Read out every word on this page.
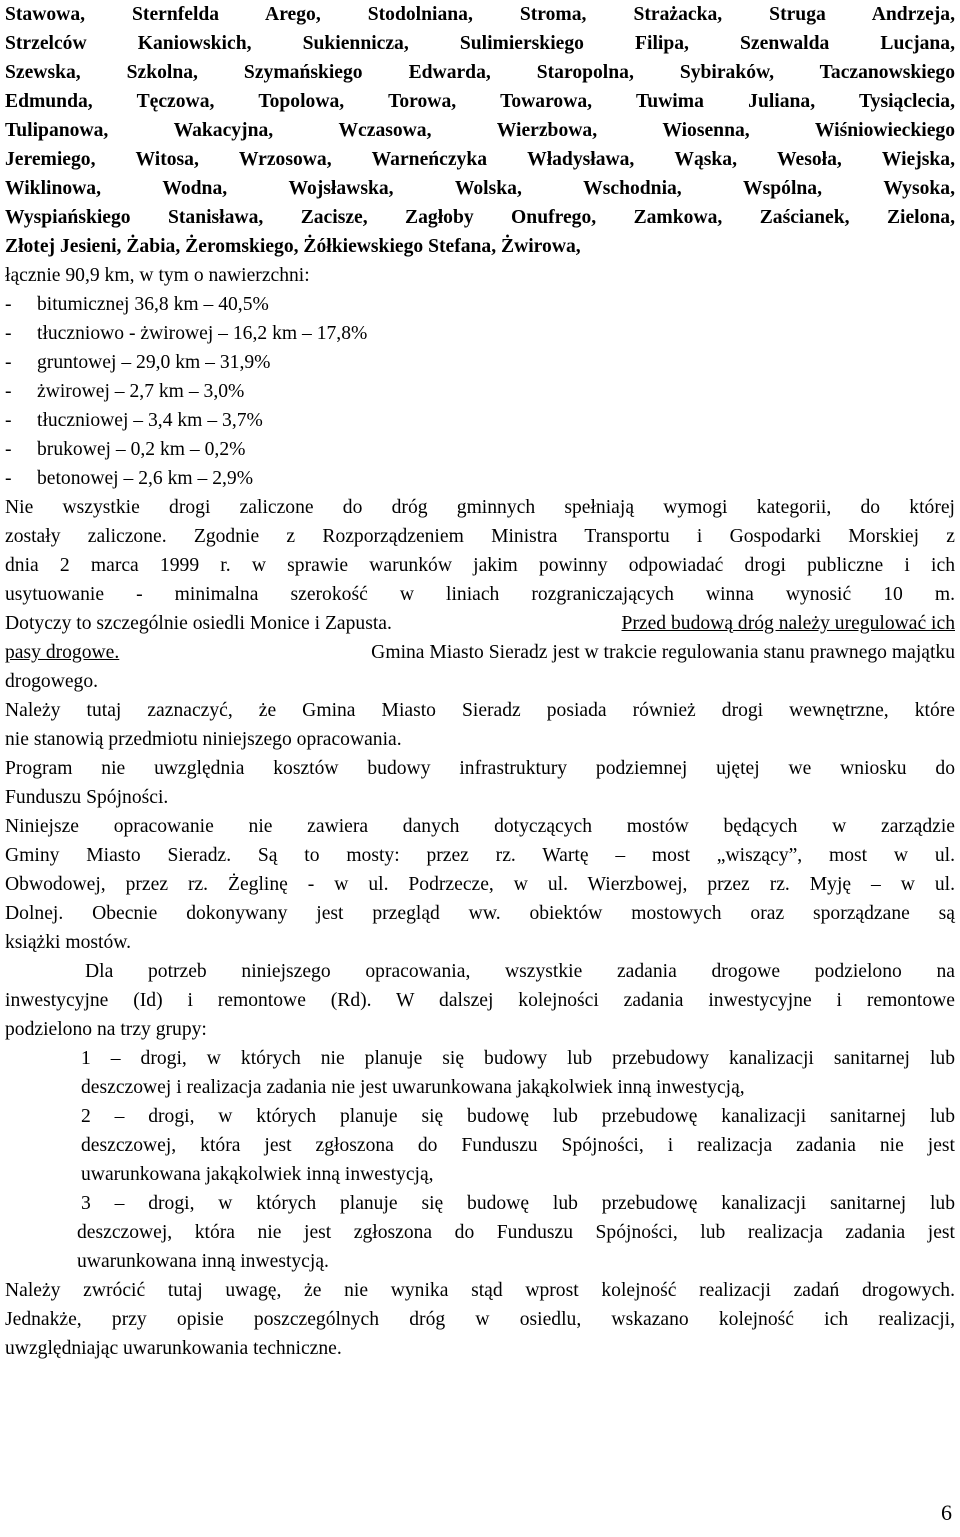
Stawowa, Sternfelda Arego, Stodolniana, Stroma, Strażacka, Struga Andrzeja,
Strzelców Kaniowskich, Sukiennicza, Sulimierskiego Filipa, Szenwalda Lucjana,
Szewska, Szkolna, Szymańskiego Edwarda, Staropolna, Sybiraków, Taczanowskiego
Edmunda, Tęczowa, Topolowa, Torowa, Towarowa, Tuwima Juliana, Tysiąclecia,
Tulipanowa, Wakacyjna, Wczasowa, Wierzbowa, Wiosenna, Wiśniowieckiego
Jeremiego, Witosa, Wrzosowa, Warneńczyka Władysława, Wąska, Wesoła, Wiejska,
Wiklinowa, Wodna, Wojsławska, Wolska, Wschodnia, Wspólna, Wysoka,
Wyspiańskiego Stanisława, Zacisze, Zagłoby Onufrego, Zamkowa, Zaścianek, Zielona,
Złotej Jesieni, Żabia, Żeromskiego, Żółkiewskiego Stefana, Żwirowa,
łącznie 90,9 km, w tym o nawierzchni:
-	bitumicznej 36,8 km – 40,5%
-	tłuczniowo - żwirowej – 16,2 km – 17,8%
-	gruntowej – 29,0 km – 31,9%
-	żwirowej – 2,7 km – 3,0%
-	tłuczniowej – 3,4 km – 3,7%
-	brukowej – 0,2 km – 0,2%
-	betonowej – 2,6 km – 2,9%
Nie wszystkie drogi zaliczone do dróg gminnych spełniają wymogi kategorii, do której
zostały zaliczone. Zgodnie z Rozporządzeniem Ministra Transportu i Gospodarki Morskiej z
dnia 2 marca 1999 r. w sprawie warunków jakim powinny odpowiadać drogi publiczne i ich
usytuowanie - minimalna szerokość w liniach rozgraniczających winna wynosić 10 m.
Dotyczy to szczególnie osiedli Monice i Zapusta.	Przed budową dróg należy uregulować ich
pasy drogowe.	Gmina Miasto Sieradz jest w trakcie regulowania stanu prawnego majątku
drogowego.
Należy tutaj zaznaczyć, że Gmina Miasto Sieradz posiada również drogi wewnętrzne, które
nie stanowią przedmiotu niniejszego opracowania.
Program nie uwzględnia kosztów budowy infrastruktury podziemnej ujętej we wniosku do
Funduszu Spójności.
Niniejsze opracowanie nie zawiera danych dotyczących mostów będących w zarządzie
Gminy Miasto Sieradz. Są to mosty: przez rz. Wartę – most „wiszący”, most w ul.
Obwodowej, przez rz. Żeglinę - w ul. Podrzecze, w ul. Wierzbowej, przez rz. Myję – w ul.
Dolnej. Obecnie dokonywany jest przegląd ww. obiektów mostowych oraz sporządzane są
książki mostów.
Dla potrzeb niniejszego opracowania, wszystkie zadania drogowe podzielono na
inwestycyjne (Id) i remontowe (Rd). W dalszej kolejności zadania inwestycyjne i remontowe
podzielono na trzy grupy:
1 – drogi, w których nie planuje się budowy lub przebudowy kanalizacji sanitarnej lub
deszczowej i realizacja zadania nie jest uwarunkowana jakąkolwiek inną inwestycją,
2 – drogi, w których planuje się budowę lub przebudowę kanalizacji sanitarnej lub
deszczowej, która jest zgłoszona do Funduszu Spójności, i realizacja zadania nie jest
uwarunkowana jakąkolwiek inną inwestycją,
3 – drogi, w których planuje się budowę lub przebudowę kanalizacji sanitarnej lub
deszczowej, która nie jest zgłoszona do Funduszu Spójności, lub realizacja zadania jest
uwarunkowana inną inwestycją.
Należy zwrócić tutaj uwagę, że nie wynika stąd wprost kolejność realizacji zadań drogowych.
Jednakże, przy opisie poszczególnych dróg w osiedlu, wskazano kolejność ich realizacji,
uwzględniając uwarunkowania techniczne.
6
